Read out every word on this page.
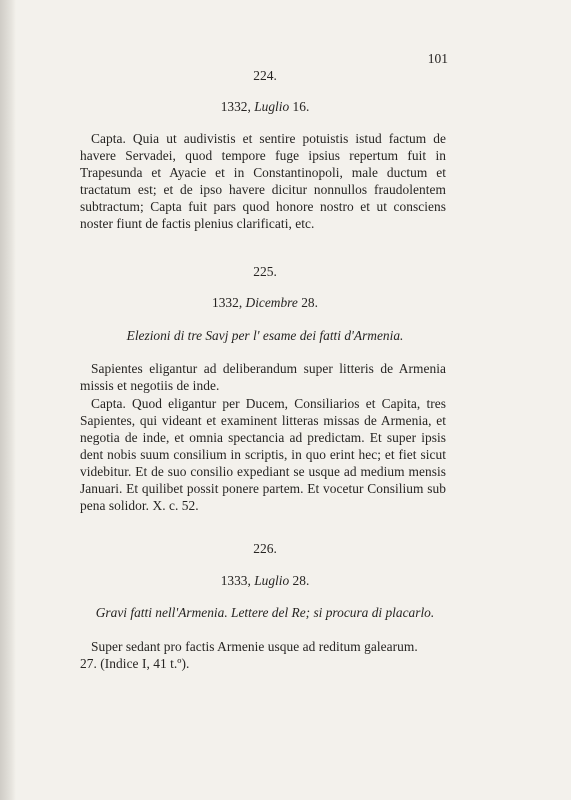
101
224.
1332, Luglio 16.
Capta. Quia ut audivistis et sentire potuistis istud factum de havere Servadei, quod tempore fuge ipsius repertum fuit in Trapesunda et Ayacie et in Constantinopoli, male ductum et tractatum est; et de ipso havere dicitur nonnullos fraudolentem subtractum; Capta fuit pars quod honore nostro et ut consciens noster fiunt de factis plenius clarificati, etc.
225.
1332, Dicembre 28.
Elezioni di tre Savj per l' esame dei fatti d'Armenia.
Sapientes eligantur ad deliberandum super litteris de Armenia missis et negotiis de inde.
Capta. Quod eligantur per Ducem, Consiliarios et Capita, tres Sapientes, qui videant et examinent litteras missas de Armenia, et negotia de inde, et omnia spectancia ad predictam. Et super ipsis dent nobis suum consilium in scriptis, in quo erint hec; et fiet sicut videbitur. Et de suo consilio expediant se usque ad medium mensis Januari. Et quilibet possit ponere partem. Et vocetur Consilium sub pena solidor. X. c. 52.
226.
1333, Luglio 28.
Gravi fatti nell'Armenia. Lettere del Re; si procura di placarlo.
Super sedant pro factis Armenie usque ad reditum galearum.
27. (Indice I, 41 t.º).
